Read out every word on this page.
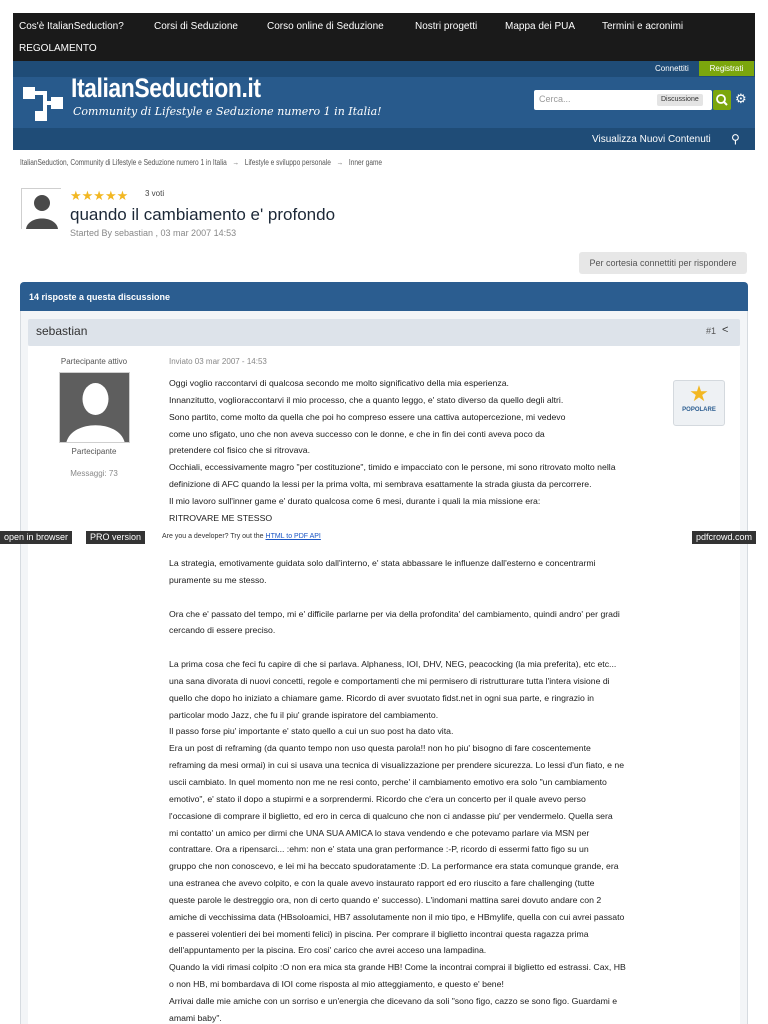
Cos'è ItalianSeduction?	Corsi di Seduzione	Corso online di Seduzione	Nostri progetti	Mappa dei PUA	Termini e acronimi
REGOLAMENTO
Connettiti	Registrati
ItalianSeduction.it
Community di Lifestyle e Seduzione numero 1 in Italia!
Cerca...	Discussione	⚙
Visualizza Nuovi Contenuti ⚲
ItalianSeduction, Community di Lifestyle e Seduzione numero 1 in Italia → Lifestyle e sviluppo personale → Inner game
★★★★★ 3 voti
quando il cambiamento e' profondo
Started By sebastian , 03 mar 2007 14:53
Per cortesia connettiti per rispondere
14 risposte a questa discussione
sebastian	#1 <
Partecipante attivo
Partecipante
Messaggi: 73
Inviato 03 mar 2007 - 14:53
★
POPOLARE
Oggi voglio raccontarvi di qualcosa secondo me molto significativo della mia esperienza.
Innanzitutto, voglioraccontarvi il mio processo, che a quanto leggo, e' stato diverso da quello degli altri.
Sono partito, come molto da quella che poi ho compreso essere una cattiva autopercezione, mi vedevo
come uno sfigato, uno che non aveva successo con le donne, e che in fin dei conti aveva poco da
pretendere col fisico che si ritrovava.
Occhiali, eccessivamente magro "per costituzione", timido e impacciato con le persone, mi sono ritrovato molto nella
definizione di AFC quando la lessi per la prima volta, mi sembrava esattamente la strada giusta da percorrere.
Il mio lavoro sull'inner game e' durato qualcosa come 6 mesi, durante i quali la mia missione era:
RITROVARE ME STESSO
open in browser	PRO version	Are you a developer? Try out the HTML to PDF API	pdfcrowd.com
La strategia, emotivamente guidata solo dall'interno, e' stata abbassare le influenze dall'esterno e concentrarmi
puramente su me stesso.
Ora che e' passato del tempo, mi e' difficile parlarne per via della profondita' del cambiamento, quindi andro' per gradi
cercando di essere preciso.
La prima cosa che feci fu capire di che si parlava. Alphaness, IOI, DHV, NEG, peacocking (la mia preferita), etc etc...
una sana divorata di nuovi concetti, regole e comportamenti che mi permisero di ristrutturare tutta l'intera visione di
quello che dopo ho iniziato a chiamare game. Ricordo di aver svuotato fidst.net in ogni sua parte, e ringrazio in
particolar modo Jazz, che fu il piu' grande ispiratore del cambiamento.
Il passo forse piu' importante e' stato quello a cui un suo post ha dato vita.
Era un post di reframing (da quanto tempo non uso questa parola!! non ho piu' bisogno di fare coscentemente
reframing da mesi ormai) in cui si usava una tecnica di visualizzazione per prendere sicurezza. Lo lessi d'un fiato, e ne
uscii cambiato. In quel momento non me ne resi conto, perche' il cambiamento emotivo era solo "un cambiamento
emotivo", e' stato il dopo a stupirmi e a sorprendermi. Ricordo che c'era un concerto per il quale avevo perso
l'occasione di comprare il biglietto, ed ero in cerca di qualcuno che non ci andasse piu' per vendermelo. Quella sera
mi contatto' un amico per dirmi che UNA SUA AMICA lo stava vendendo e che potevamo parlare via MSN per
contrattare. Ora a ripensarci... :ehm: non e' stata una gran performance :-P, ricordo di essermi fatto figo su un
gruppo che non conoscevo, e lei mi ha beccato spudoratamente :D. La performance era stata comunque grande, era
una estranea che avevo colpito, e con la quale avevo instaurato rapport ed ero riuscito a fare challenging (tutte
queste parole le destreggio ora, non di certo quando e' successo). L'indomani mattina sarei dovuto andare con 2
amiche di vecchissima data (HBsoloamici, HB7 assolutamente non il mio tipo, e HBmylife, quella con cui avrei passato
e passerei volentieri dei bei momenti felici) in piscina. Per comprare il biglietto incontrai questa ragazza prima
dell'appuntamento per la piscina. Ero cosi' carico che avrei acceso una lampadina.
Quando la vidi rimasi colpito :O non era mica sta grande HB! Come la incontrai comprai il biglietto ed estrassi. Cax, HB
o non HB, mi bombardava di IOI come risposta al mio atteggiamento, e questo e' bene!
Arrivai dalle mie amiche con un sorriso e un'energia che dicevano da soli "sono figo, cazzo se sono figo. Guardami e
amami baby".
